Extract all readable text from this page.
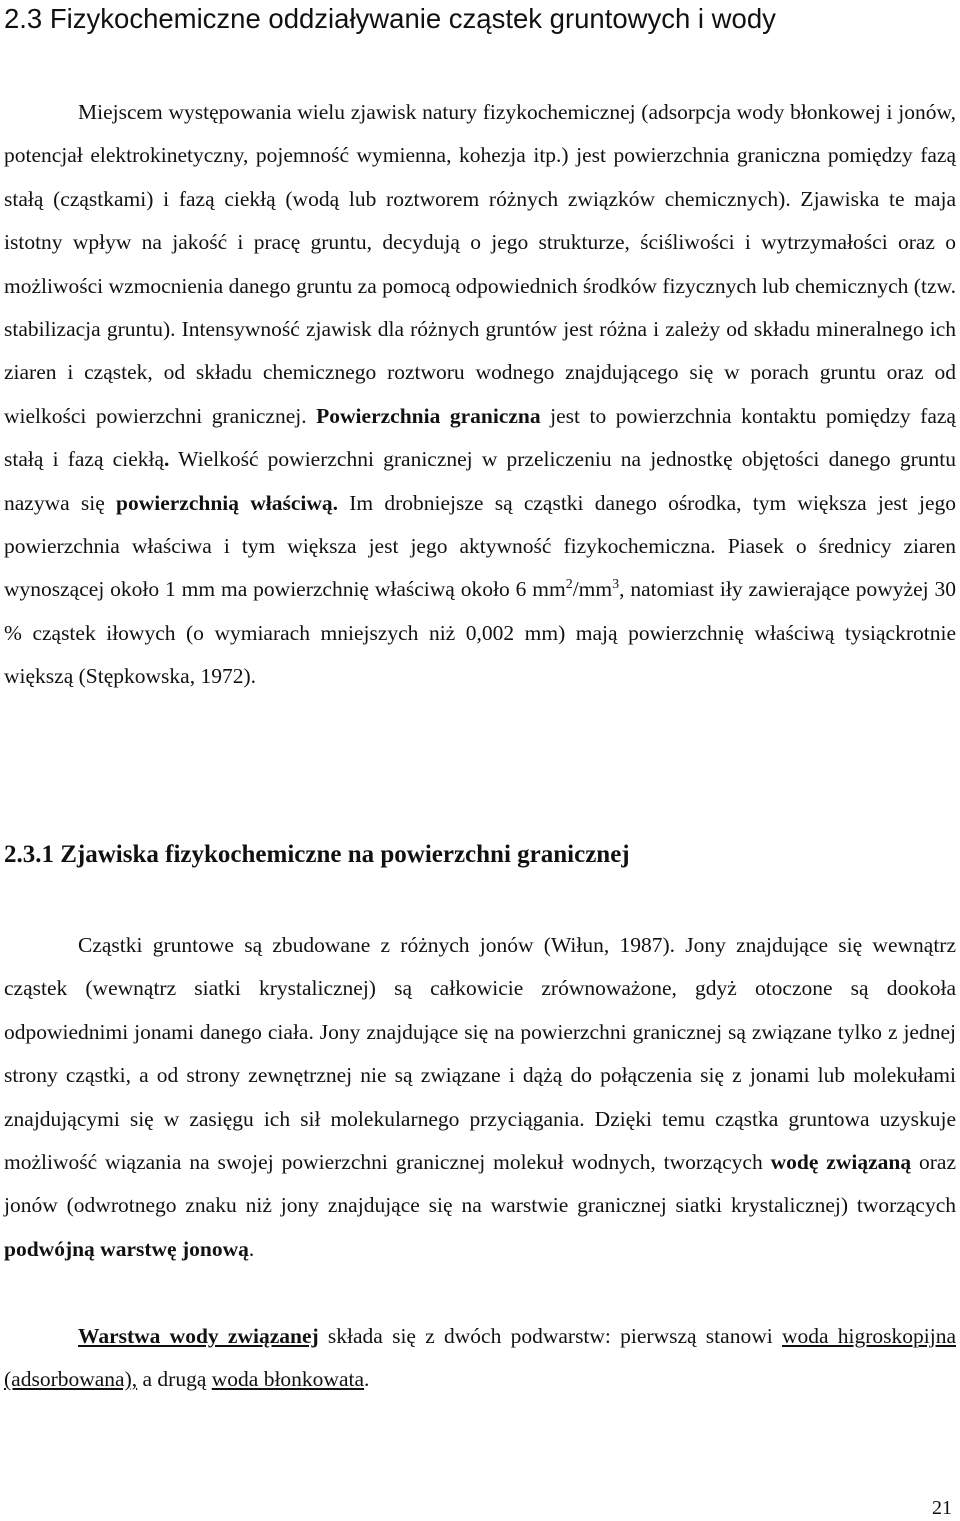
2.3 Fizykochemiczne oddziaływanie cząstek gruntowych i wody

Miejscem występowania wielu zjawisk natury fizykochemicznej (adsorpcja wody błonkowej i jonów, potencjał elektrokinetyczny, pojemność wymienna, kohezja itp.) jest powierzchnia graniczna pomiędzy fazą stałą (cząstkami) i fazą ciekłą (wodą lub roztworem różnych związków chemicznych). Zjawiska te maja istotny wpływ na jakość i pracę gruntu, decydują o jego strukturze, ściśliwości i wytrzymałości oraz o możliwości wzmocnienia danego gruntu za pomocą odpowiednich środków fizycznych lub chemicznych (tzw. stabilizacja gruntu). Intensywność zjawisk dla różnych gruntów jest różna i zależy od składu mineralnego ich ziaren i cząstek, od składu chemicznego roztworu wodnego znajdującego się w porach gruntu oraz od wielkości powierzchni granicznej. Powierzchnia graniczna jest to powierzchnia kontaktu pomiędzy fazą stałą i fazą ciekłą. Wielkość powierzchni granicznej w przeliczeniu na jednostkę objętości danego gruntu nazywa się powierzchnią właściwą. Im drobniejsze są cząstki danego ośrodka, tym większa jest jego powierzchnia właściwa i tym większa jest jego aktywność fizykochemiczna. Piasek o średnicy ziaren wynoszącej około 1 mm ma powierzchnię właściwą około 6 $mm^2/mm^3$, natomiast iły zawierające powyżej 30 % cząstek iłowych (o wymiarach mniejszych niż 0,002 mm) mają powierzchnię właściwą tysiąckrotnie większą (Stępkowska, 1972).

2.3.1 Zjawiska fizykochemiczne na powierzchni granicznej

Cząstki gruntowe są zbudowane z różnych jonów (Wiłun, 1987). Jony znajdujące się wewnątrz cząstek (wewnątrz siatki krystalicznej) są całkowicie zrównoważone, gdyż otoczone są dookoła odpowiednimi jonami danego ciała. Jony znajdujące się na powierzchni granicznej są związane tylko z jednej strony cząstki, a od strony zewnętrznej nie są związane i dążą do połączenia się z jonami lub molekułami znajdującymi się w zasięgu ich sił molekularnego przyciągania. Dzięki temu cząstka gruntowa uzyskuje możliwość wiązania na swojej powierzchni granicznej molekuł wodnych, tworzących wodę związaną oraz jonów (odwrotnego znaku niż jony znajdujące się na warstwie granicznej siatki krystalicznej) tworzących podwójną warstwę jonową.

Warstwa wody związanej składa się z dwóch podwarstw: pierwszą stanowi woda higroskopijna (adsorbowana), a drugą woda błonkowata.

21
